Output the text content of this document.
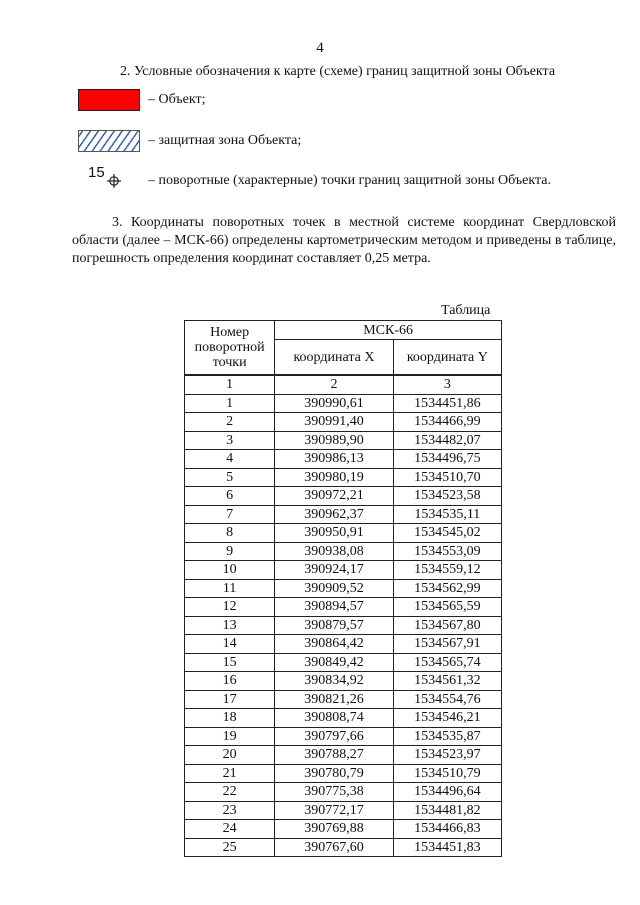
4
2. Условные обозначения к карте (схеме) границ защитной зоны Объекта
– Объект;
– защитная зона Объекта;
15	– поворотные (характерные) точки границ защитной зоны Объекта.

3. Координаты поворотных точек в местной системе координат Свердловской области (далее – МСК-66) определены картометрическим методом и приведены в таблице, погрешность определения координат составляет 0,25 метра.

Таблица
Номер поворотной точки	МСК-66	
	координата X	координата Y
1	2	3
1	390990,61	1534451,86
2	390991,40	1534466,99
3	390989,90	1534482,07
4	390986,13	1534496,75
5	390980,19	1534510,70
6	390972,21	1534523,58
7	390962,37	1534535,11
8	390950,91	1534545,02
9	390938,08	1534553,09
10	390924,17	1534559,12
11	390909,52	1534562,99
12	390894,57	1534565,59
13	390879,57	1534567,80
14	390864,42	1534567,91
15	390849,42	1534565,74
16	390834,92	1534561,32
17	390821,26	1534554,76
18	390808,74	1534546,21
19	390797,66	1534535,87
20	390788,27	1534523,97
21	390780,79	1534510,79
22	390775,38	1534496,64
23	390772,17	1534481,82
24	390769,88	1534466,83
25	390767,60	1534451,83
